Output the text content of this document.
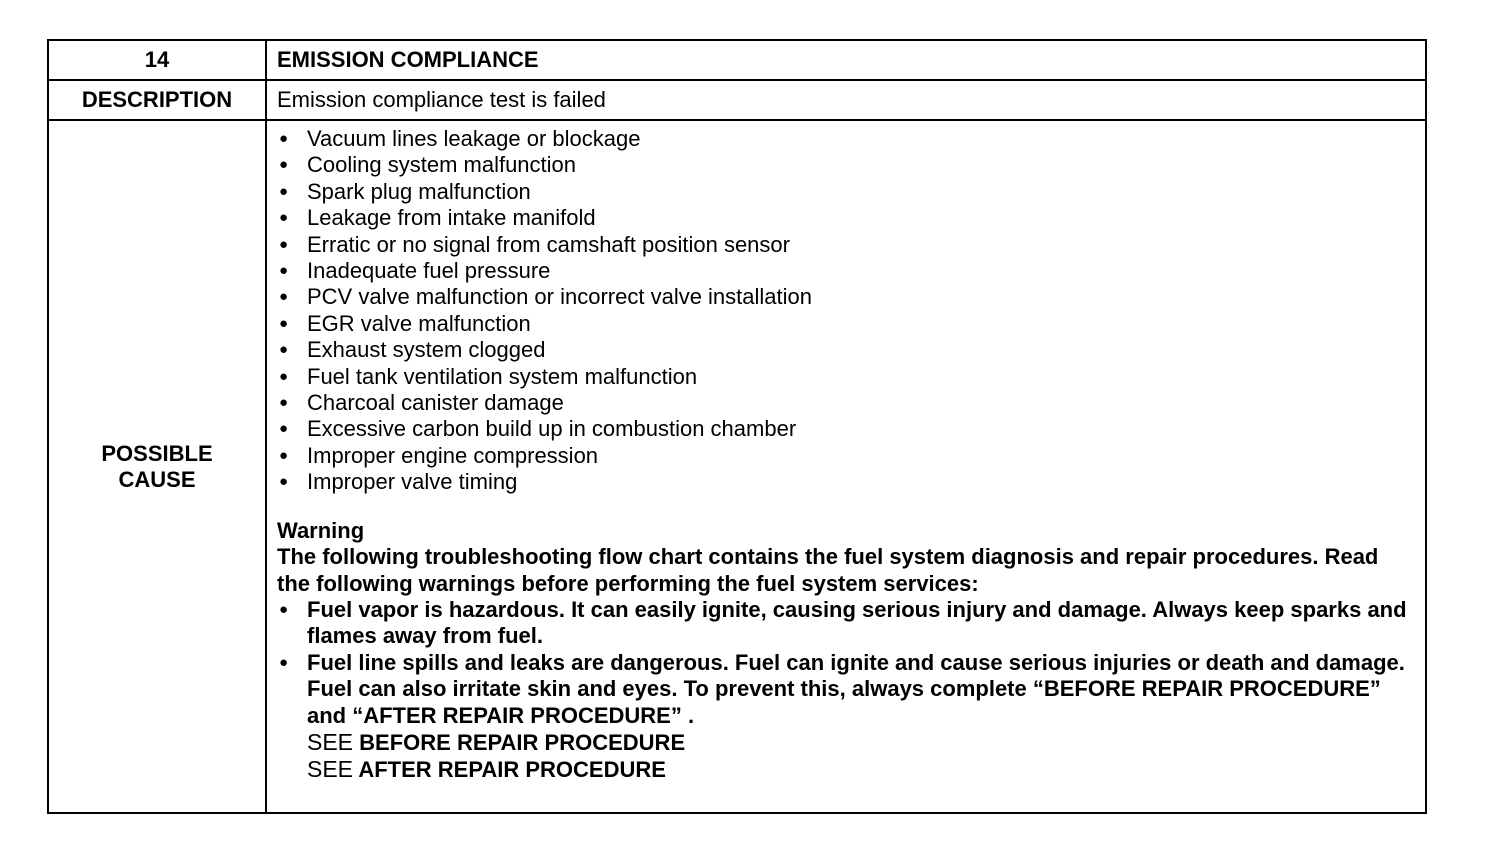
14	EMISSION COMPLIANCE
DESCRIPTION Emission compliance test is failed
POSSIBLE
CAUSE
● Vacuum lines leakage or blockage
● Cooling system malfunction
● Spark plug malfunction
● Leakage from intake manifold
● Erratic or no signal from camshaft position sensor
● Inadequate fuel pressure
● PCV valve malfunction or incorrect valve installation
● EGR valve malfunction
● Exhaust system clogged
● Fuel tank ventilation system malfunction
● Charcoal canister damage
● Excessive carbon build up in combustion chamber
● Improper engine compression
● Improper valve timing

Warning

The following troubleshooting flow chart contains the fuel system diagnosis and repair procedures. Read the following warnings before performing the fuel system services:

● Fuel vapor is hazardous. It can easily ignite, causing serious injury and damage. Always keep sparks and flames away from fuel.
● Fuel line spills and leaks are dangerous. Fuel can ignite and cause serious injuries or death and damage. Fuel can also irritate skin and eyes. To prevent this, always complete “BEFORE REPAIR PROCEDURE” and “AFTER REPAIR PROCEDURE” .
SEE BEFORE REPAIR PROCEDURE
SEE AFTER REPAIR PROCEDURE
